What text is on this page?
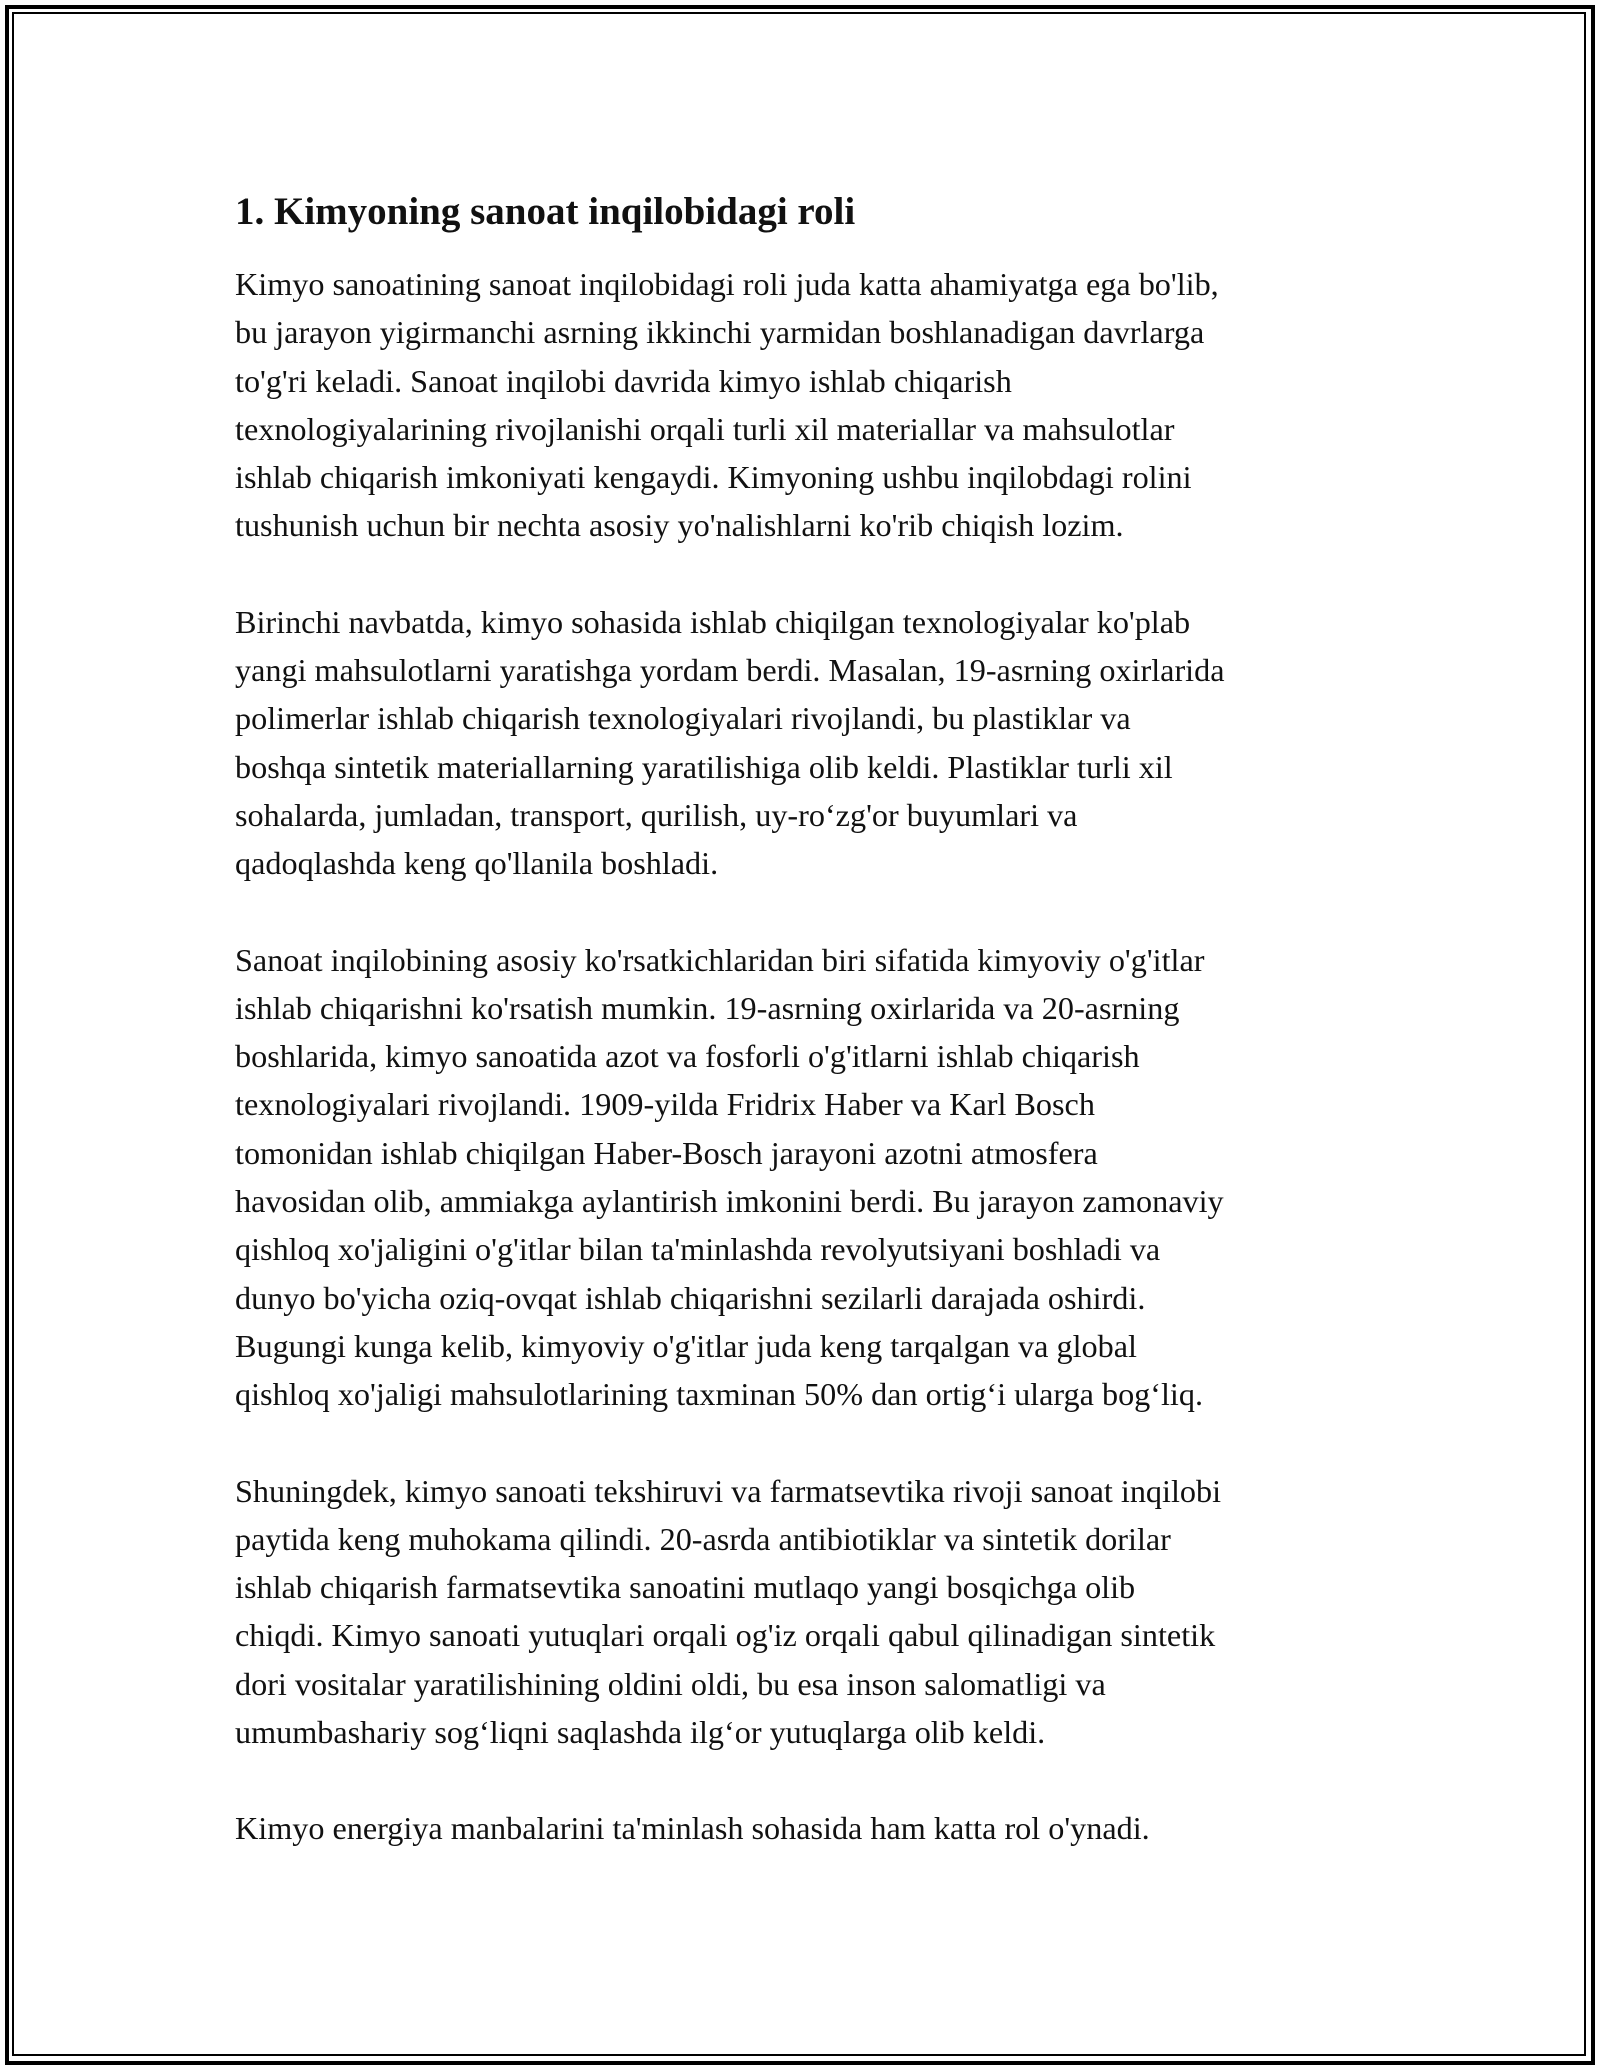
1. Kimyoning sanoat inqilobidagi roli

Kimyo sanoatining sanoat inqilobidagi roli juda katta ahamiyatga ega bo'lib,
bu jarayon yigirmanchi asrning ikkinchi yarmidan boshlanadigan davrlarga
to'g'ri keladi. Sanoat inqilobi davrida kimyo ishlab chiqarish
texnologiyalarining rivojlanishi orqali turli xil materiallar va mahsulotlar
ishlab chiqarish imkoniyati kengaydi. Kimyoning ushbu inqilobdagi rolini
tushunish uchun bir nechta asosiy yo'nalishlarni ko'rib chiqish lozim.

Birinchi navbatda, kimyo sohasida ishlab chiqilgan texnologiyalar ko'plab
yangi mahsulotlarni yaratishga yordam berdi. Masalan, 19-asrning oxirlarida
polimerlar ishlab chiqarish texnologiyalari rivojlandi, bu plastiklar va
boshqa sintetik materiallarning yaratilishiga olib keldi. Plastiklar turli xil
sohalarda, jumladan, transport, qurilish, uy-ro‘zg'or buyumlari va
qadoqlashda keng qo'llanila boshladi.

Sanoat inqilobining asosiy ko'rsatkichlaridan biri sifatida kimyoviy o'g'itlar
ishlab chiqarishni ko'rsatish mumkin. 19-asrning oxirlarida va 20-asrning
boshlarida, kimyo sanoatida azot va fosforli o'g'itlarni ishlab chiqarish
texnologiyalari rivojlandi. 1909-yilda Fridrix Haber va Karl Bosch
tomonidan ishlab chiqilgan Haber-Bosch jarayoni azotni atmosfera
havosidan olib, ammiakga aylantirish imkonini berdi. Bu jarayon zamonaviy
qishloq xo'jaligini o'g'itlar bilan ta'minlashda revolyutsiyani boshladi va
dunyo bo'yicha oziq-ovqat ishlab chiqarishni sezilarli darajada oshirdi.
Bugungi kunga kelib, kimyoviy o'g'itlar juda keng tarqalgan va global
qishloq xo'jaligi mahsulotlarining taxminan 50% dan ortig‘i ularga bog‘liq.

Shuningdek, kimyo sanoati tekshiruvi va farmatsevtika rivoji sanoat inqilobi
paytida keng muhokama qilindi. 20-asrda antibiotiklar va sintetik dorilar
ishlab chiqarish farmatsevtika sanoatini mutlaqo yangi bosqichga olib
chiqdi. Kimyo sanoati yutuqlari orqali og'iz orqali qabul qilinadigan sintetik
dori vositalar yaratilishining oldini oldi, bu esa inson salomatligi va
umumbashariy sog‘liqni saqlashda ilg‘or yutuqlarga olib keldi.

Kimyo energiya manbalarini ta'minlash sohasida ham katta rol o'ynadi.
